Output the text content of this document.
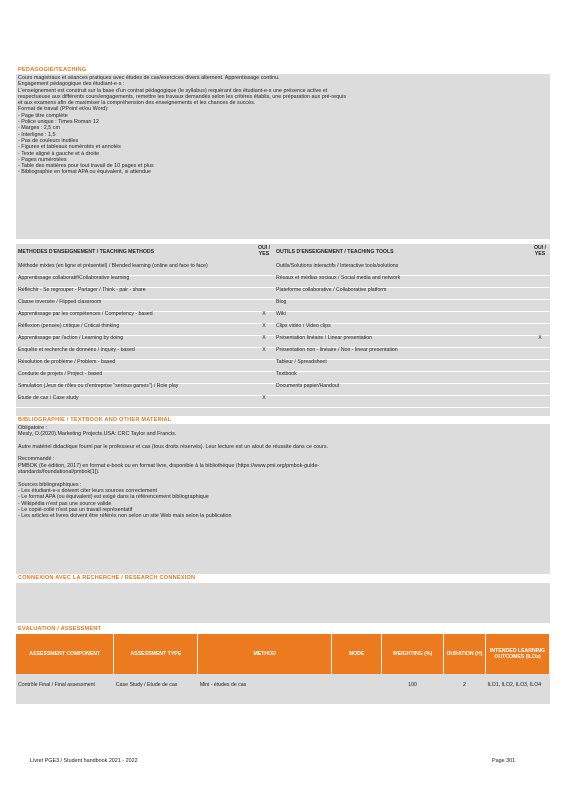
PEDAGOGIE/TEACHING
Cours magistraux et séances pratiques avec études de cas/exercices divers alternent. Apprentissage continu.
Engagement pédagogique des étudiant-e-s :
L'enseignement est construit sur la base d'un contrat pédagogique (le syllabus) requérant des étudiant-e-s une présence active et
respectueuse aux différents cours/engagements, remettre les travaux demandés selon les critères établis, une préparation aux pré-requis
et aux examens afin de maximiser la compréhension des enseignements et les chances de succès.
Format de travail (PPoint et/ou Word):
- Page titre complète
- Police unique : Times Roman 12
- Marges : 2,5 cm
- Interligne : 1,5
- Pas de couleurs inutiles
- Figures et tableaux numérotés et annotés
- Texte aligné à gauche et à droite
- Pages numérotées
- Table des matières pour tout travail de 10 pages et plus
- Bibliographie en format APA ou équivalent, si attendue
METHODES D'ENSEIGNEMENT / TEACHING METHODS	OUI / YES	OUTILS D'ENSEIGNEMENT / TEACHING TOOLS	OUI / YES
Méthode mixtes (en ligne et présentiel) / Blended learning (online and face to face)		Outils/Solutions interactifs / Interactive tools/solutions	
Apprentissage collaboratif/Collaborative learning		Résaux et médias sociaux / Social media and network	
Réfléchir - Se regrouper - Partager / Think - pair - share		Plateforme collaborative / Collaborative platform	
Classe inversée / Flipped classroom		Blog	
Apprentissage par les compétences / Competency - based	X	Wiki	
Réflexion (pensée) critique / Critical thinking	X	Clips vidéo / Video clips	
Apprentissage par l'action / Learning by doing	X	Présentation linéaire / Linear presentation	X
Enquête et recherche de données / Inquiry - based	X	Présentation non - linéaire / Non - linear presentation	
Résolution de problème / Problem - based		Tableur / Spreadsheet	
Conduite de projets / Project - based		Textbook	
Simulation (Jeux de rôles ou d'entreprise "serious games") / Role play		Documents papier/Handout	
Etude de cas / Case study	X		
BIBLIOGRAPHIE / TEXTBOOK AND OTHER MATERIAL
Obligatoire :
Mesly, O.(2020).Marketing Projects.USA: CRC Taylor and Francis.
Autre matériel didactique fourni par le professeur et cas (tous droits réservés). Leur lecture est un atout de réussite dans ce cours.
Recommandé :
PMBOK (6e édition, 2017) en format e-book ou en format livre, disponible à la bibliothèque (https://www.pmi.org/pmbok-guide-
standards/foundational/pmbok[1]).
Sources bibliographiques :
- Les étudiant-e-s doivent citer leurs sources correctement
- Le format APA (ou équivalent) est exigé dans la référencement bibliographique
- Wikipédia n'est pas une source valide
- Le copié-collé n'est pas un travail représentatif
- Les articles et livres doivent être référés non selon un site Web mais selon la publication
CONNEXION AVEC LA RECHERCHE / RESEARCH CONNEXION
EVALUATION / ASSESSMENT
ASSESSMENT COMPONENT	ASSESSMENT TYPE	METHOD	MODE	WEIGHTING (%)	DURATION (H)	INTENDED LEARNING OUTCOMES (ILOs)
Contrôle Final / Final assessment	Case Study / Etude de cas	Mini - études de cas		100	2	ILO1, ILO2, ILO3, ILO4
Livret PGE3 / Student handbook 2021 - 2022	Page 301
